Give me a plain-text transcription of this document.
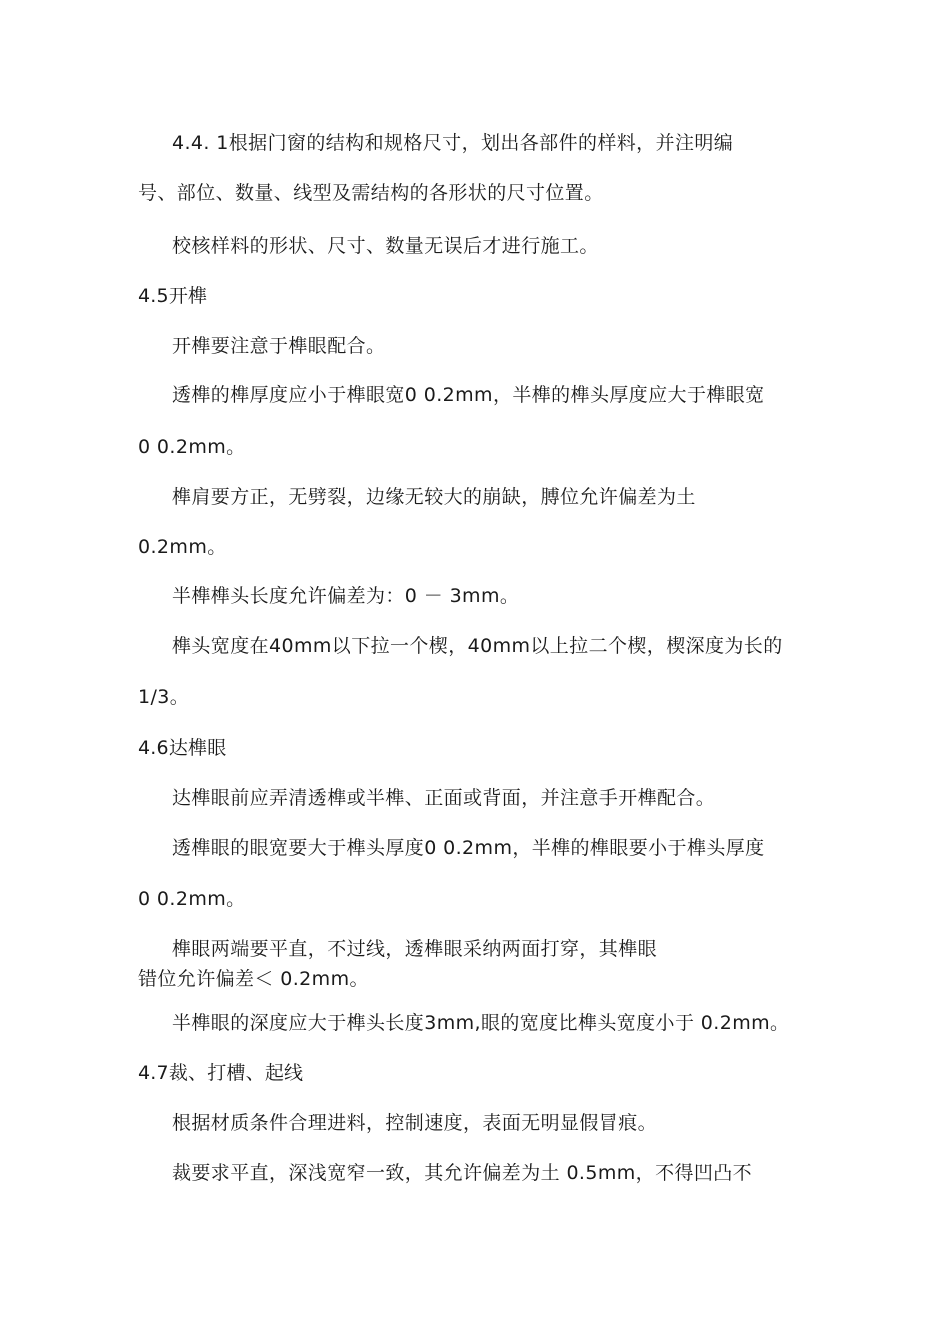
4.4. 1根据门窗的结构和规格尺寸，划出各部件的样料，并注明编

号、部位、数量、线型及需结构的各形状的尺寸位置。

校核样料的形状、尺寸、数量无误后才进行施工。

4.5开榫

开榫要注意于榫眼配合。

透榫的榫厚度应小于榫眼宽0 0.2mm，半榫的榫头厚度应大于榫眼宽

0 0.2mm。

榫肩要方正，无劈裂，边缘无较大的崩缺，膊位允许偏差为土

0.2mm。

半榫榫头长度允许偏差为：0 － 3mm。

榫头宽度在40mm以下拉一个楔，40mm以上拉二个楔，楔深度为长的

1/3。

4.6达榫眼

达榫眼前应弄清透榫或半榫、正面或背面，并注意手开榫配合。

透榫眼的眼宽要大于榫头厚度0 0.2mm，半榫的榫眼要小于榫头厚度

0 0.2mm。

榫眼两端要平直，不过线，透榫眼采纳两面打穿，其榫眼

错位允许偏差＜ 0.2mm。

半榫眼的深度应大于榫头长度3mm,眼的宽度比榫头宽度小于 0.2mm。

4.7裁、打槽、起线

根据材质条件合理进料，控制速度，表面无明显假冒痕。

裁要求平直，深浅宽窄一致，其允许偏差为土 0.5mm，不得凹凸不
